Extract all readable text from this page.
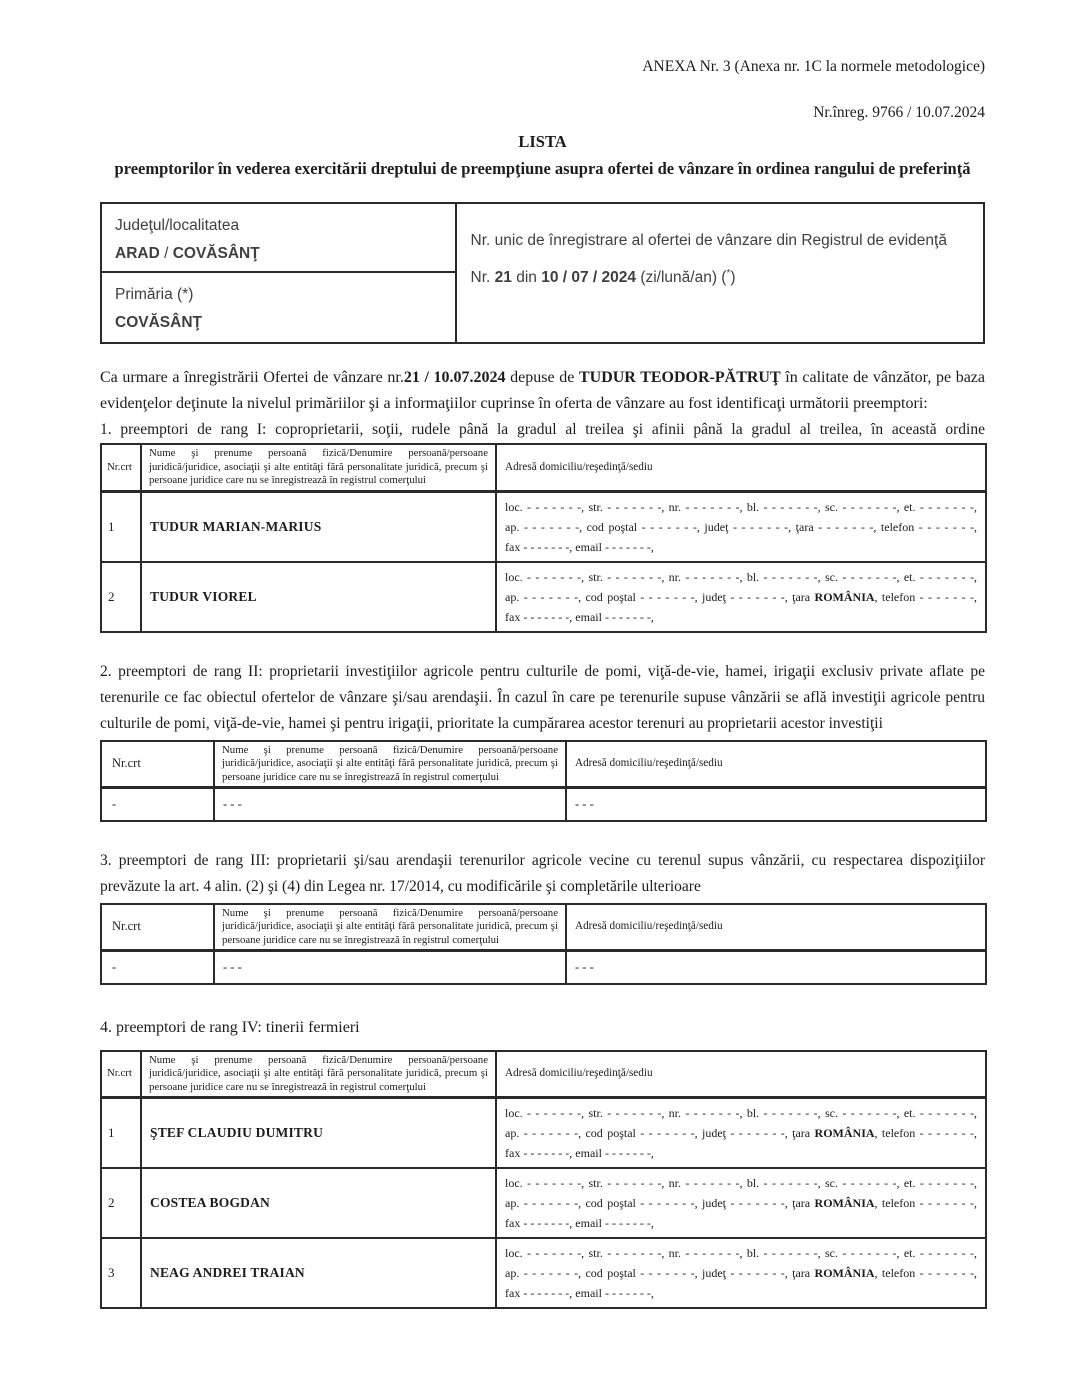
ANEXA Nr. 3 (Anexa nr. 1C la normele metodologice)
Nr.înreg. 9766 / 10.07.2024
LISTA
preemptorilor în vederea exercitării dreptului de preempţiune asupra ofertei de vânzare în ordinea rangului de preferinţă
Judeţul/localitatea
ARAD / COVĂSÂNŢ
Primăria (*)
COVĂSÂNŢ

Nr. unic de înregistrare al ofertei de vânzare din Registrul de evidenţă

Nr. 21 din 10 / 07 / 2024 (zi/lună/an) (*)

Ca urmare a înregistrării Ofertei de vânzare nr.21 / 10.07.2024 depuse de TUDUR TEODOR-PĂTRUŢ în calitate de vânzător, pe baza evidenţelor deţinute la nivelul primăriilor şi a informaţiilor cuprinse în oferta de vânzare au fost identificaţi următorii preemptori:

1. preemptori de rang I: coproprietarii, soţii, rudele până la gradul al treilea şi afinii până la gradul al treilea, în această ordine

Nr.crt	Nume şi prenume persoană fizică/Denumire persoană/persoane juridică/juridice, asociaţii şi alte entităţi fără personalitate juridică, precum şi persoane juridice care nu se înregistrează în registrul comerţului	Adresă domiciliu/reşedinţă/sediu
1	TUDUR MARIAN-MARIUS	loc. - - - - - - -, str. - - - - - - -, nr. - - - - - - -, bl. - - - - - - -, sc. - - - - - - -, et. - - - - - - -,
ap. - - - - - - -, cod poştal - - - - - - -, judeţ - - - - - - -, ţara - - - - - - -, telefon - - - - - - -,
fax - - - - - - -, email - - - - - - -,

2	TUDUR VIOREL	loc. - - - - - - -, str. - - - - - - -, nr. - - - - - - -, bl. - - - - - - -, sc. - - - - - - -, et. - - - - - - -,
ap. - - - - - - -, cod poştal - - - - - - -, judeţ - - - - - - -, ţara ROMÂNIA, telefon - - - - - - -,
fax - - - - - - -, email - - - - - - -,

2. preemptori de rang II: proprietarii investiţiilor agricole pentru culturile de pomi, viţă-de-vie, hamei, irigaţii exclusiv private aflate pe terenurile ce fac obiectul ofertelor de vânzare şi/sau arendaşii. În cazul în care pe terenurile supuse vânzării se află investiţii agricole pentru culturile de pomi, viţă-de-vie, hamei şi pentru irigaţii, prioritate la cumpărarea acestor terenuri au proprietarii acestor investiţii

Nr.crt	Nume şi prenume persoană fizică/Denumire persoană/persoane juridică/juridice, asociaţii şi alte entităţi fără personalitate juridică, precum şi persoane juridice care nu se înregistrează în registrul comerţului	Adresă domiciliu/reşedinţă/sediu
-	- - -	- - -

3. preemptori de rang III: proprietarii şi/sau arendaşii terenurilor agricole vecine cu terenul supus vânzării, cu respectarea dispoziţiilor prevăzute la art. 4 alin. (2) şi (4) din Legea nr. 17/2014, cu modificările şi completările ulterioare

Nr.crt	Nume şi prenume persoană fizică/Denumire persoană/persoane juridică/juridice, asociaţii şi alte entităţi fără personalitate juridică, precum şi persoane juridice care nu se înregistrează în registrul comerţului	Adresă domiciliu/reşedinţă/sediu
-	- - -	- - -

4. preemptori de rang IV: tinerii fermieri

Nr.crt	Nume şi prenume persoană fizică/Denumire persoană/persoane juridică/juridice, asociaţii şi alte entităţi fără personalitate juridică, precum şi persoane juridice care nu se înregistrează în registrul comerţului	Adresă domiciliu/reşedinţă/sediu
1	ŞTEF CLAUDIU DUMITRU	loc. - - - - - - -, str. - - - - - - -, nr. - - - - - - -, bl. - - - - - - -, sc. - - - - - - -, et. - - - - - - -,
ap. - - - - - - -, cod poştal - - - - - - -, judeţ - - - - - - -, ţara ROMÂNIA, telefon - - - - - - -,
fax - - - - - - -, email - - - - - - -,

2	COSTEA BOGDAN	loc. - - - - - - -, str. - - - - - - -, nr. - - - - - - -, bl. - - - - - - -, sc. - - - - - - -, et. - - - - - - -,
ap. - - - - - - -, cod poştal - - - - - - -, judeţ - - - - - - -, ţara ROMÂNIA, telefon - - - - - - -,
fax - - - - - - -, email - - - - - - -,

3	NEAG ANDREI TRAIAN	loc. - - - - - - -, str. - - - - - - -, nr. - - - - - - -, bl. - - - - - - -, sc. - - - - - - -, et. - - - - - - -,
ap. - - - - - - -, cod poştal - - - - - - -, judeţ - - - - - - -, ţara ROMÂNIA, telefon - - - - - - -,
fax - - - - - - -, email - - - - - - -,
